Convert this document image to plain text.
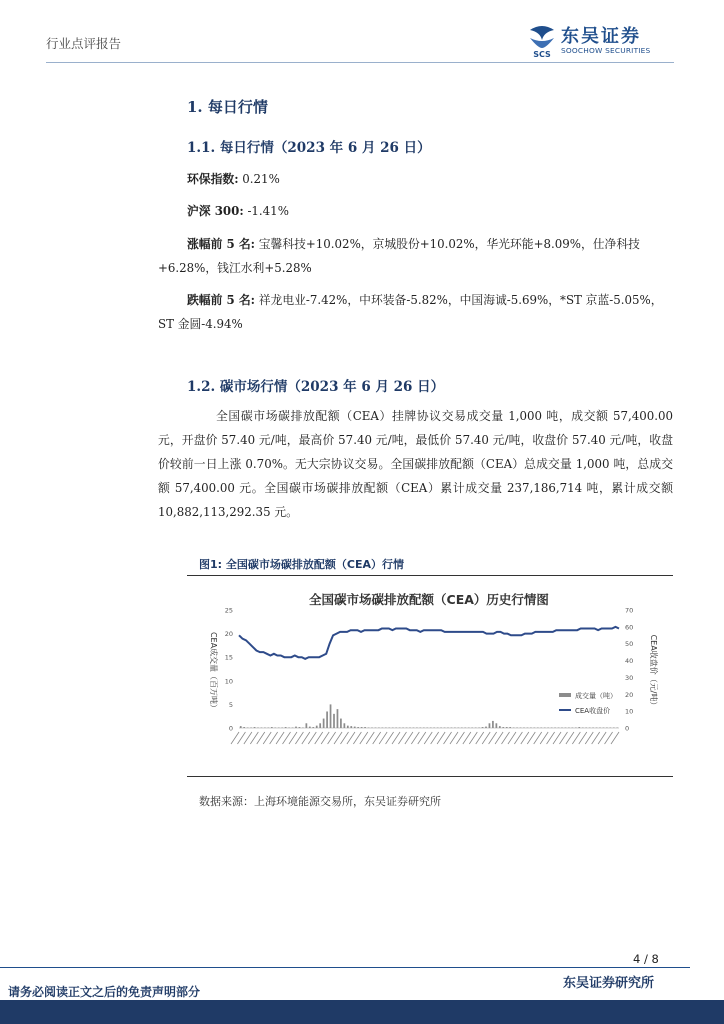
行业点评报告
SCS
东吴证券
SOOCHOW SECURITIES
1. 每日行情
1.1. 每日行情（2023 年 6 月 26 日）

环保指数: 0.21%

沪深 300: -1.41%

涨幅前 5 名: 宝馨科技+10.02%，京城股份+10.02%，华光环能+8.09%，仕净科技+6.28%，钱江水利+5.28%

跌幅前 5 名: 祥龙电业-7.42%，中环装备-5.82%，中国海诚-5.69%，*ST 京蓝-5.05%，ST 金圆-4.94%

1.2. 碳市场行情（2023 年 6 月 26 日）

全国碳市场碳排放配额（CEA）挂牌协议交易成交量 1,000 吨，成交额 57,400.00 元，开盘价 57.40 元/吨，最高价 57.40 元/吨，最低价 57.40 元/吨，收盘价 57.40 元/吨，收盘价较前一日上涨 0.70%。无大宗协议交易。全国碳排放配额（CEA）总成交量 1,000 吨，总成交额 57,400.00 元。全国碳市场碳排放配额（CEA）累计成交量 237,186,714 吨，累计成交额 10,882,113,292.35 元。

图1: 全国碳市场碳排放配额（CEA）行情
全国碳市场碳排放配额（CEA）历史行情图
0
5
10
15
20
25
0
10
20
30
40
50
60
70
CEA成交量（百万吨）	CEA收盘价（元/吨）
成交量（吨）
CEA收盘价
数据来源：上海环境能源交易所，东吴证券研究所
4 / 8
东吴证券研究所
请务必阅读正文之后的免责声明部分
